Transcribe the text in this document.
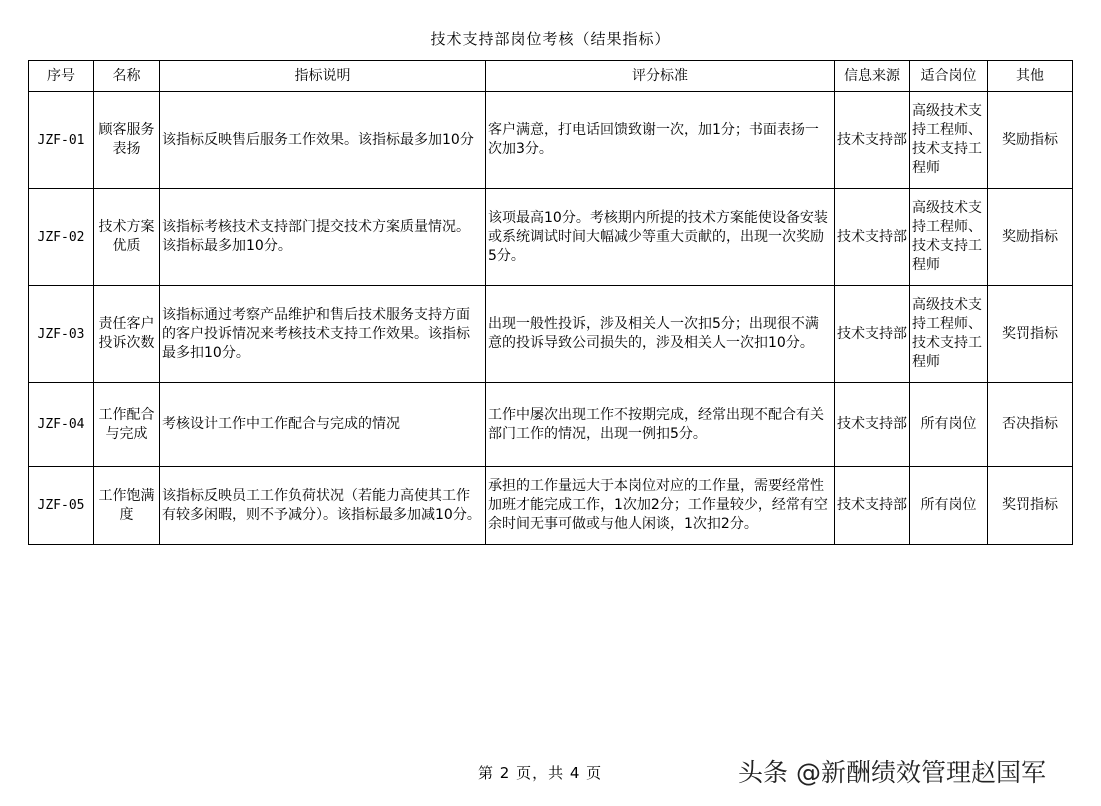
技术支持部岗位考核（结果指标）
序号	名称	指标说明	评分标准	信息来源	适合岗位	其他
JZF-01	顾客服务表扬	该指标反映售后服务工作效果。该指标最多加10分	客户满意，打电话回馈致谢一次，加1分；书面表扬一次加3分。	技术支持部	高级技术支持工程师、技术支持工程师	奖励指标
JZF-02	技术方案优质	该指标考核技术支持部门提交技术方案质量情况。该指标最多加10分。	该项最高10分。考核期内所提的技术方案能使设备安装或系统调试时间大幅减少等重大贡献的，出现一次奖励5分。	技术支持部	高级技术支持工程师、技术支持工程师	奖励指标
JZF-03	责任客户投诉次数	该指标通过考察产品维护和售后技术服务支持方面的客户投诉情况来考核技术支持工作效果。该指标最多扣10分。	出现一般性投诉，涉及相关人一次扣5分；出现很不满意的投诉导致公司损失的，涉及相关人一次扣10分。	技术支持部	高级技术支持工程师、技术支持工程师	奖罚指标
JZF-04	工作配合与完成	考核设计工作中工作配合与完成的情况	工作中屡次出现工作不按期完成，经常出现不配合有关部门工作的情况，出现一例扣5分。	技术支持部	所有岗位	否决指标
JZF-05	工作饱满度	该指标反映员工工作负荷状况（若能力高使其工作有较多闲暇，则不予减分）。该指标最多加减10分。	承担的工作量远大于本岗位对应的工作量，需要经常性加班才能完成工作，1次加2分；工作量较少，经常有空余时间无事可做或与他人闲谈，1次扣2分。	技术支持部	所有岗位	奖罚指标
第 2 页，共 4 页	头条 @新酬绩效管理赵国军
